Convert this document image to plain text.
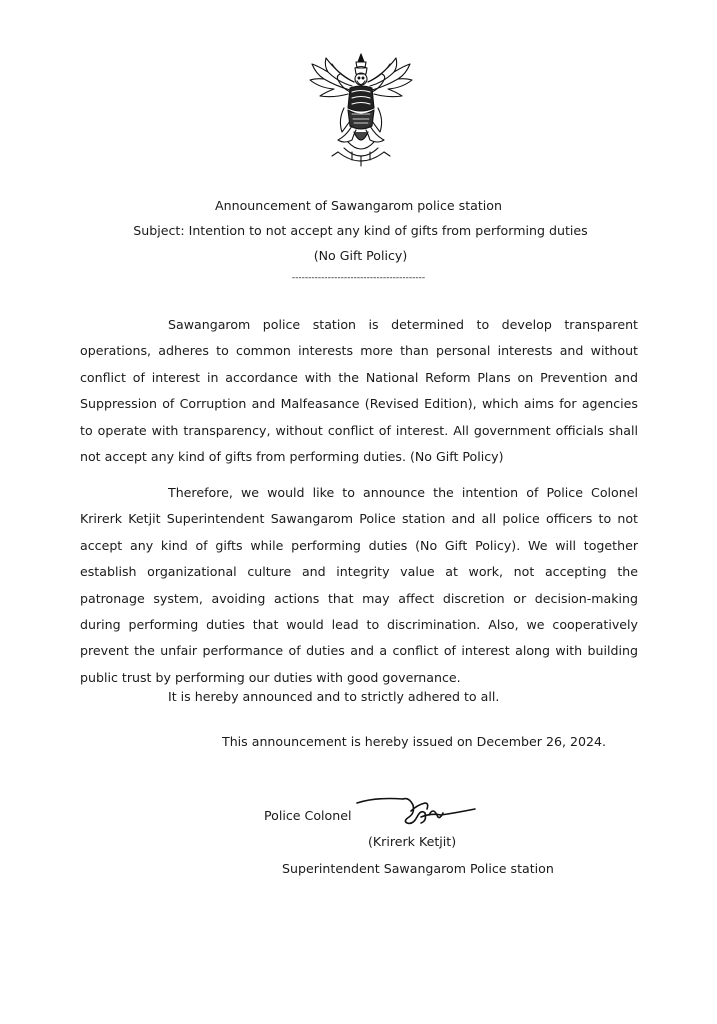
Announcement of Sawangarom police station
Subject: Intention to not accept any kind of gifts from performing duties
(No Gift Policy)
-----------------------------------------

Sawangarom police station is determined to develop transparent operations, adheres to common interests more than personal interests and without conflict of interest in accordance with the National Reform Plans on Prevention and Suppression of Corruption and Malfeasance (Revised Edition), which aims for agencies to operate with transparency, without conflict of interest. All government officials shall not accept any kind of gifts from performing duties. (No Gift Policy)

Therefore, we would like to announce the intention of Police Colonel Krirerk Ketjit Superintendent Sawangarom Police station and all police officers to not accept any kind of gifts while performing duties (No Gift Policy). We will together establish organizational culture and integrity value at work, not accepting the patronage system, avoiding actions that may affect discretion or decision-making during performing duties that would lead to discrimination. Also, we cooperatively prevent the unfair performance of duties and a conflict of interest along with building public trust by performing our duties with good governance.

It is hereby announced and to strictly adhered to all.
This announcement is hereby issued on December 26, 2024.
Police Colonel
(Krirerk Ketjit)
Superintendent Sawangarom Police station
